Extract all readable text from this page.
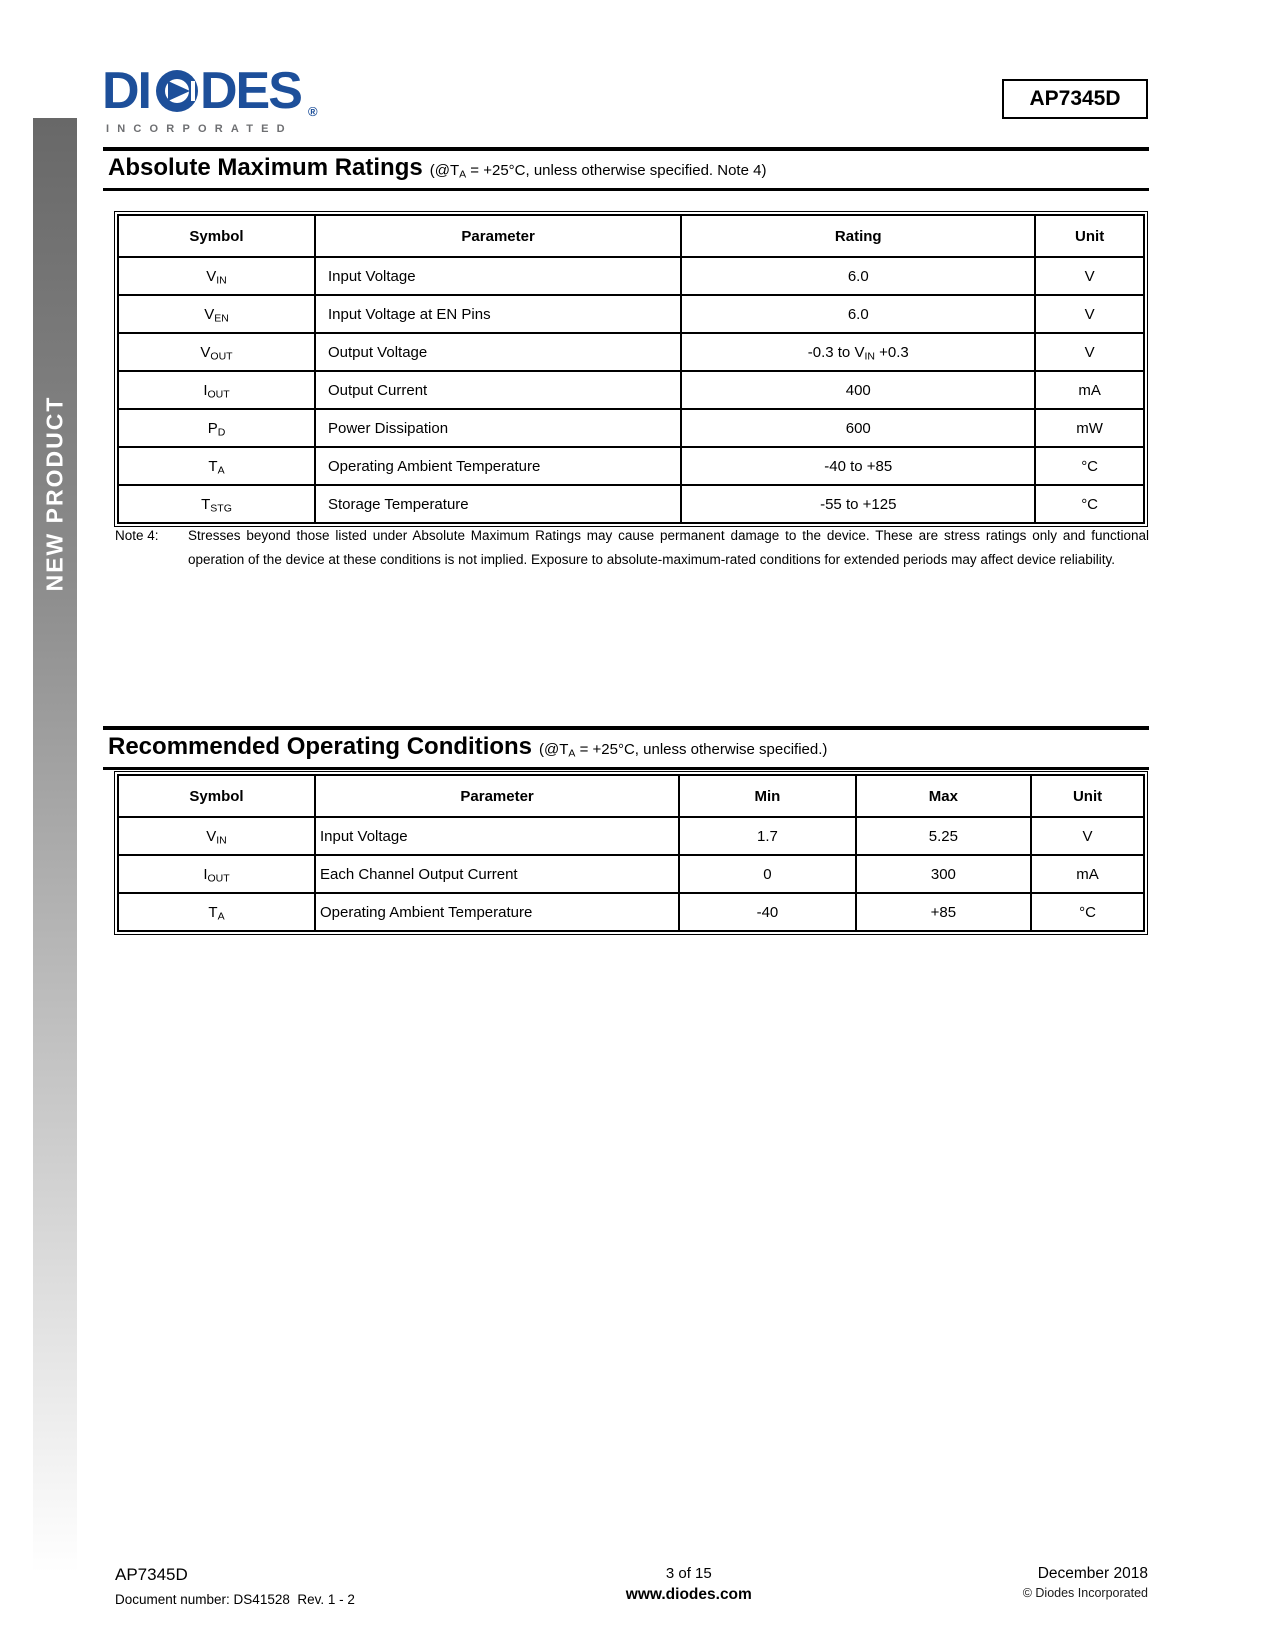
NEW PRODUCT
DI DES ®
INCORPORATED
AP7345D
Absolute Maximum Ratings ($@T_A = +25^\circ C$, unless otherwise specified. Note 4)
Symbol	Parameter	Rating	Unit
$V_{IN}$	Input Voltage	6.0	V
$V_{EN}$	Input Voltage at EN Pins	6.0	V
$V_{OUT}$	Output Voltage	-0.3 to $V_{IN} +0.3$	V
$I_{OUT}$	Output Current	400	mA
$P_D$	Power Dissipation	600	mW
$T_A$	Operating Ambient Temperature	-40 to +85	°C
$T_{STG}$	Storage Temperature	-55 to +125	°C
Note 4:	Stresses beyond those listed under Absolute Maximum Ratings may cause permanent damage to the device. These are stress ratings only and functional operation of the device at these conditions is not implied. Exposure to absolute-maximum-rated conditions for extended periods may affect device reliability.
Recommended Operating Conditions ($@T_A = +25^\circ C$, unless otherwise specified.)
Symbol	Parameter	Min	Max	Unit
$V_{IN}$	Input Voltage	1.7	5.25	V
$I_{OUT}$	Each Channel Output Current	0	300	mA
$T_A$	Operating Ambient Temperature	-40	+85	°C
AP7345D
Document number: DS41528  Rev. 1 - 2
3 of 15
www.diodes.com
December 2018
© Diodes Incorporated
